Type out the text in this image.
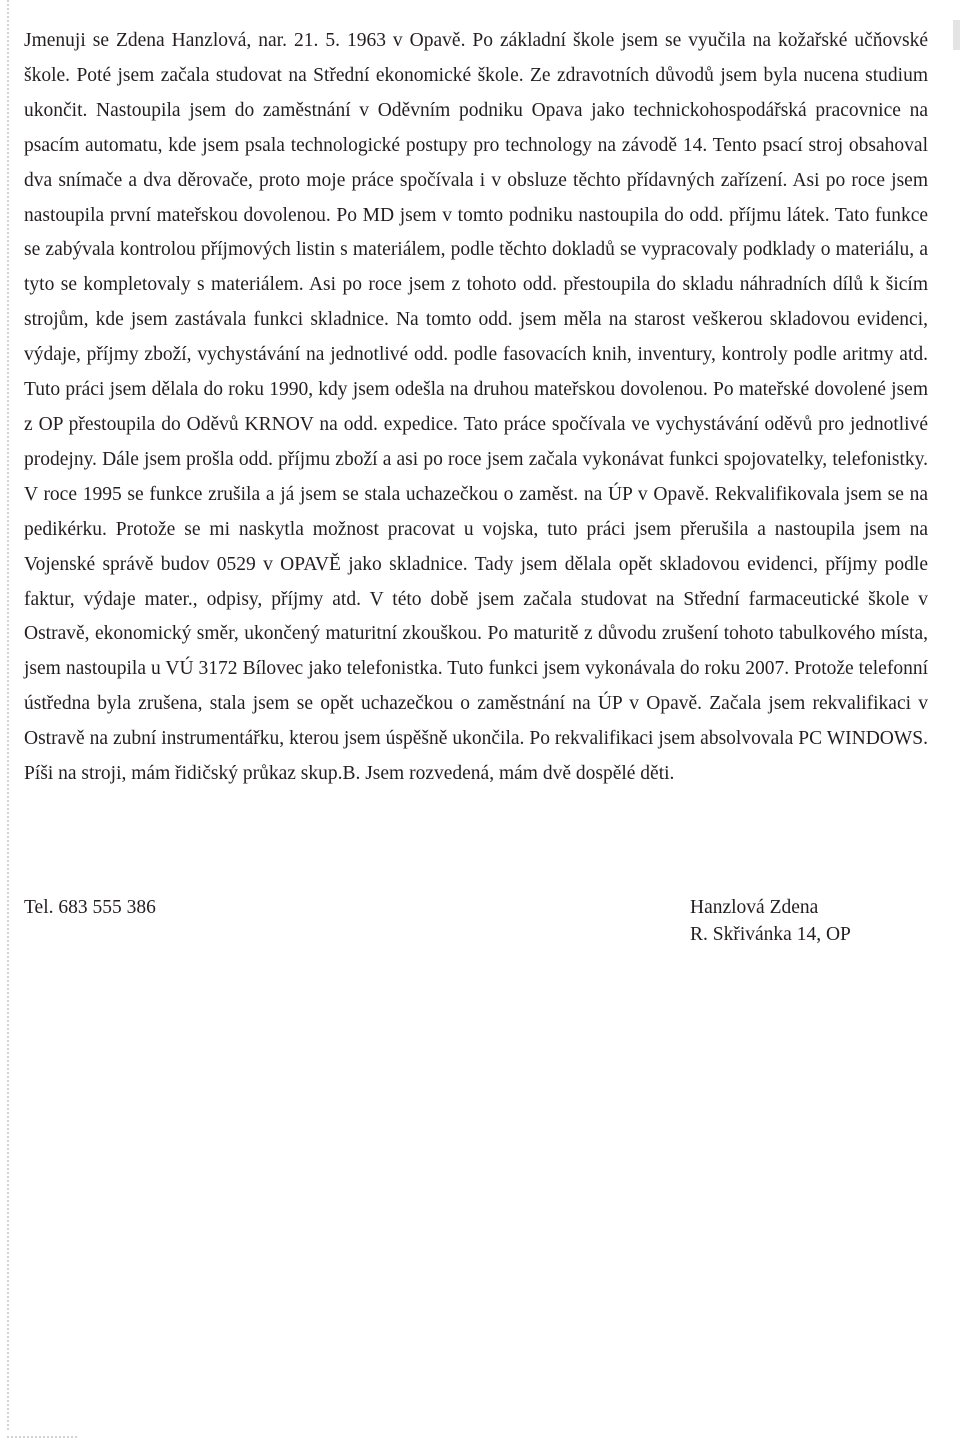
Jmenuji se Zdena Hanzlová, nar. 21. 5. 1963 v Opavě. Po základní škole jsem se vyučila na kožařské učňovské škole. Poté jsem začala studovat na Střední ekonomické škole. Ze zdravotních důvodů jsem byla nucena studium ukončit. Nastoupila jsem do zaměstnání v Oděvním podniku Opava jako technickohospodářská pracovnice na psacím automatu, kde jsem psala technologické postupy pro technology na závodě 14. Tento psací stroj obsahoval dva snímače a dva děrovače, proto moje práce spočívala i v obsluze těchto přídavných zařízení. Asi po roce jsem nastoupila první mateřskou dovolenou. Po MD jsem v tomto podniku nastoupila do odd. příjmu látek. Tato funkce se zabývala kontrolou příjmových listin s materiálem, podle těchto dokladů se vypracovaly podklady o materiálu, a tyto se kompletovaly s materiálem. Asi po roce jsem z tohoto odd. přestoupila do skladu náhradních dílů k šicím strojům, kde jsem zastávala funkci skladnice. Na tomto odd. jsem měla na starost veškerou skladovou evidenci, výdaje, příjmy zboží, vychystávání na jednotlivé odd. podle fasovacích knih, inventury, kontroly podle aritmy atd. Tuto práci jsem dělala do roku 1990, kdy jsem odešla na druhou mateřskou dovolenou. Po mateřské dovolené jsem z OP přestoupila do Oděvů KRNOV na odd. expedice. Tato práce spočívala ve vychystávání oděvů pro jednotlivé prodejny. Dále jsem prošla odd. příjmu zboží a asi po roce jsem začala vykonávat funkci spojovatelky, telefonistky. V roce 1995 se funkce zrušila a já jsem se stala uchazečkou o zaměst. na ÚP v Opavě. Rekvalifikovala jsem se na pedikérku. Protože se mi naskytla možnost pracovat u vojska, tuto práci jsem přerušila a nastoupila jsem na Vojenské správě budov 0529 v OPAVĚ jako skladnice. Tady jsem dělala opět skladovou evidenci, příjmy podle faktur, výdaje mater., odpisy, příjmy atd. V této době jsem začala studovat na Střední farmaceutické škole v Ostravě, ekonomický směr, ukončený maturitní zkouškou. Po maturitě z důvodu zrušení tohoto tabulkového místa, jsem nastoupila u VÚ 3172 Bílovec jako telefonistka. Tuto funkci jsem vykonávala do roku 2007. Protože telefonní ústředna byla zrušena, stala jsem se opět uchazečkou o zaměstnání na ÚP v Opavě. Začala jsem rekvalifikaci v Ostravě na zubní instrumentářku, kterou jsem úspěšně ukončila. Po rekvalifikaci jsem absolvovala PC WINDOWS. Píši na stroji, mám řidičský průkaz skup.B. Jsem rozvedená, mám dvě dospělé děti.

Tel. 683 555 386	Hanzlová Zdena
R. Skřivánka 14, OP
